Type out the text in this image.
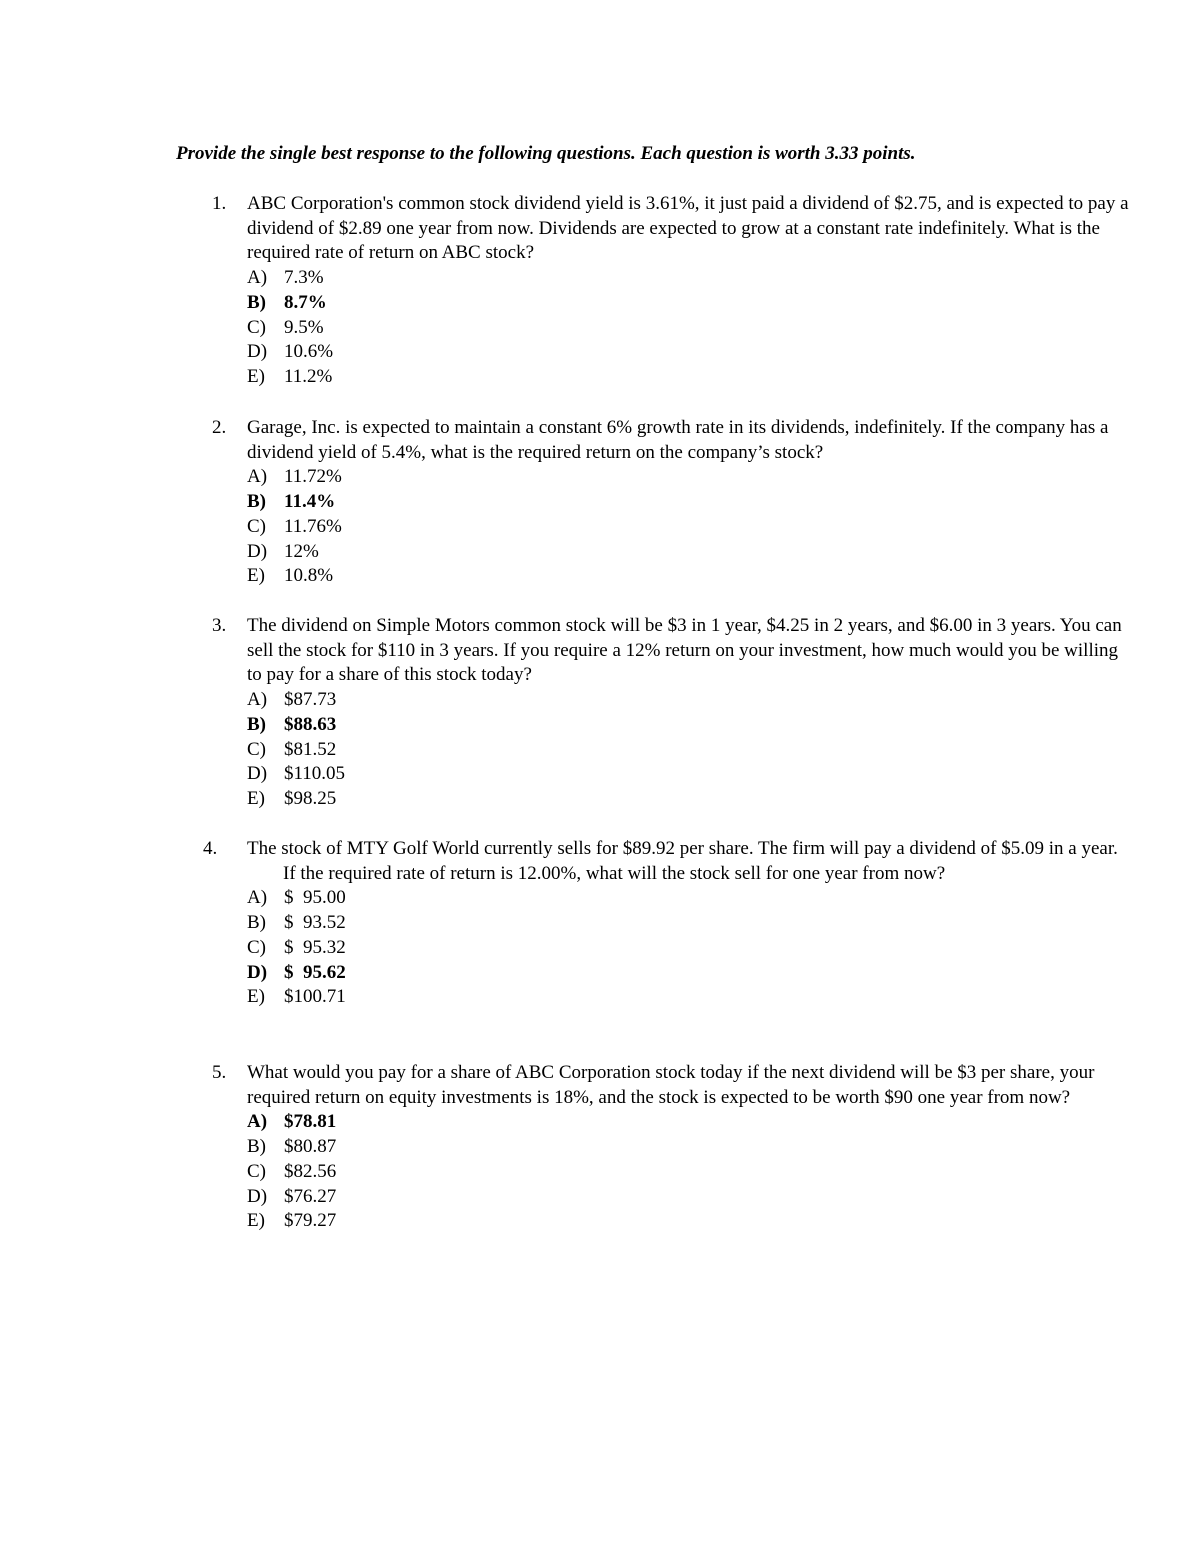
Provide the single best response to the following questions. Each question is worth 3.33 points.
1.	ABC Corporation's common stock dividend yield is 3.61%, it just paid a dividend of $2.75, and is expected to pay a dividend of $2.89 one year from now. Dividends are expected to grow at a constant rate indefinitely. What is the required rate of return on ABC stock?
A) 7.3%
B) 8.7%
C) 9.5%
D) 10.6%
E) 11.2%
2.	Garage, Inc. is expected to maintain a constant 6% growth rate in its dividends, indefinitely. If the company has a dividend yield of 5.4%, what is the required return on the company’s stock?
A) 11.72%
B) 11.4%
C) 11.76%
D) 12%
E) 10.8%
3.	The dividend on Simple Motors common stock will be $3 in 1 year, $4.25 in 2 years, and $6.00 in 3 years. You can sell the stock for $110 in 3 years. If you require a 12% return on your investment, how much would you be willing to pay for a share of this stock today?
A) $87.73
B) $88.63
C) $81.52
D) $110.05
E) $98.25
4.	The stock of MTY Golf World currently sells for $89.92 per share. The firm will pay a dividend of $5.09 in a year. If the required rate of return is 12.00%, what will the stock sell for one year from now?
A) $  95.00
B) $  93.52
C) $  95.32
D) $  95.62
E) $100.71
5.	What would you pay for a share of ABC Corporation stock today if the next dividend will be $3 per share, your required return on equity investments is 18%, and the stock is expected to be worth $90 one year from now?
A) $78.81
B) $80.87
C) $82.56
D) $76.27
E) $79.27
